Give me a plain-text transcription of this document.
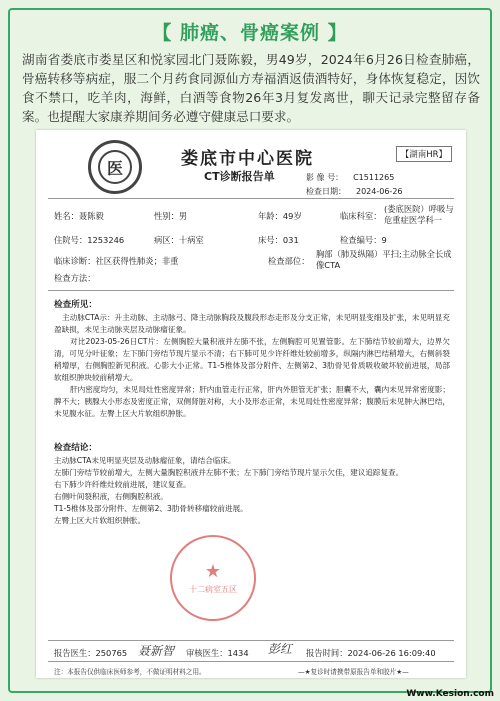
【 肺癌、骨癌案例 】
湖南省娄底市娄星区和悦家园北门聂陈毅，男49岁，2024年6月26日检查肺癌，骨癌转移等病症，服二个月药食同源仙方寿福酒返债酒特好，身体恢复稳定，因饮食不禁口，吃羊肉，海鲜，白酒等食物26年3月复发离世，聊天记录完整留存备案。也提醒大家康养期间务必遵守健康忌口要求。
医	娄底市中心医院
CT诊断报告单
【湖南HR】
影 像 号： C1511265
检查日期： 2024-06-26
姓名：聂陈毅	性别：男	年龄：49岁	临床科室：
(娄底医院）呼吸与危重症医学科一
住院号：1253246	病区：十病室	床号：031	检查编号：9
临床诊断：社区获得性肺炎；非重	检查部位：
胸部（肺及纵隔）平扫;主动脉全长成像CTA
检查方法：
检查所见：

主动脉CTA示：升主动脉、主动脉弓、降主动脉胸段及腹段形态走形及分支正常，未见明显变细及扩张，未见明显充盈缺损，未见主动脉夹层及动脉瘤征象。

对比2023-05-26日CT片：左侧胸腔大量积液并左肺不张，左侧胸腔可见置管影。左下肺结节较前增大，边界欠清，可见分叶征象；左下肺门旁结节现片显示不清；右下肺可见少许纤维灶较前增多，纵隔内淋巴结稍增大，右侧斜裂稍增厚，右侧胸腔新见积液。心影大小正常。T1-5椎体及部分附件、左侧第2、3肋骨见骨质吸收破坏较前进展，局部软组织肿块较前稍增大。

肝内密度均匀，未见局灶性密度异常；肝内血管走行正常，肝内外胆管无扩张；胆囊不大，囊内未见异常密度影；脾不大；胰腺大小形态及密度正常，双侧肾脏对称，大小及形态正常，未见局灶性密度异常；腹膜后未见肿大淋巴结，未见腹水征。左臀上区大片软组织肿胀。

检查结论：

主动脉CTA未见明显夹层及动脉瘤征象，请结合临床。

左肺门旁结节较前增大，左侧大量胸腔积液并左肺不张；左下肺门旁结节现片显示欠佳，建议追踪复查。

右下肺少许纤维灶较前进展，建议复查。

右侧叶间裂积液，右侧胸腔积液。

T1-5椎体及部分附件、左侧第2、3肋骨转移瘤较前进展。

左臀上区大片软组织肿胀。

★
十二病室五区
报告医生：250765 聂新智 审核医生：1434 彭红 报告时间：2024-06-26 16:09:40
注：本报告仅供临床医师参考，不做证明材料之用。	—★复诊时请携带原报告单和胶片★—
Www.Kesion.com
